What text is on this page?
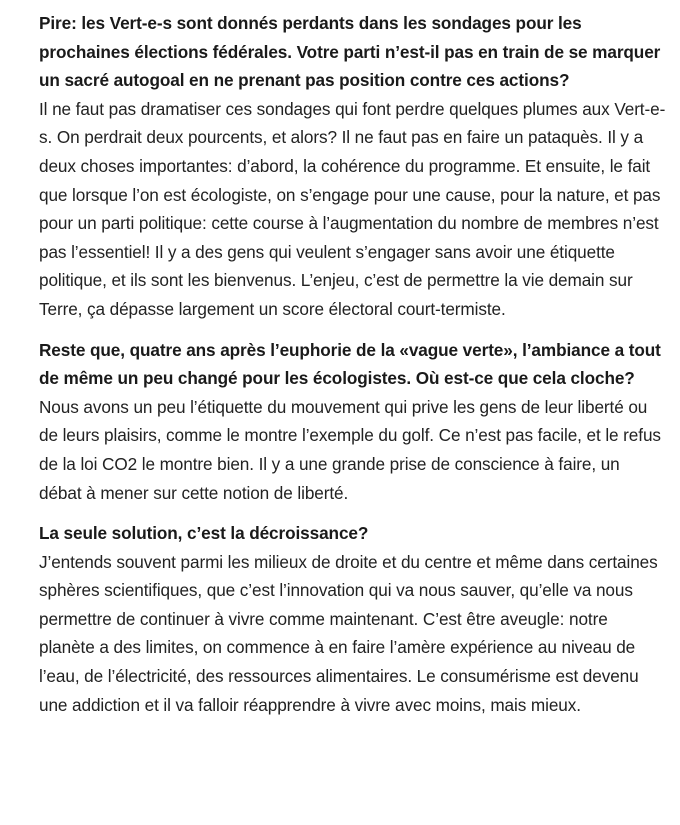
Pire: les Vert-e-s sont donnés perdants dans les sondages pour les prochaines élections fédérales. Votre parti n’est-il pas en train de se marquer un sacré autogoal en ne prenant pas position contre ces actions?

Il ne faut pas dramatiser ces sondages qui font perdre quelques plumes aux Vert-e-s. On perdrait deux pourcents, et alors? Il ne faut pas en faire un pataquès. Il y a deux choses importantes: d’abord, la cohérence du programme. Et ensuite, le fait que lorsque l’on est écologiste, on s’engage pour une cause, pour la nature, et pas pour un parti politique: cette course à l’augmentation du nombre de membres n’est pas l’essentiel! Il y a des gens qui veulent s’engager sans avoir une étiquette politique, et ils sont les bienvenus. L’enjeu, c’est de permettre la vie demain sur Terre, ça dépasse largement un score électoral court-termiste.

Reste que, quatre ans après l’euphorie de la «vague verte», l’ambiance a tout de même un peu changé pour les écologistes. Où est-ce que cela cloche?

Nous avons un peu l’étiquette du mouvement qui prive les gens de leur liberté ou de leurs plaisirs, comme le montre l’exemple du golf. Ce n’est pas facile, et le refus de la loi CO2 le montre bien. Il y a une grande prise de conscience à faire, un débat à mener sur cette notion de liberté.

La seule solution, c’est la décroissance?

J’entends souvent parmi les milieux de droite et du centre et même dans certaines sphères scientifiques, que c’est l’innovation qui va nous sauver, qu’elle va nous permettre de continuer à vivre comme maintenant. C’est être aveugle: notre planète a des limites, on commence à en faire l’amère expérience au niveau de l’eau, de l’électricité, des ressources alimentaires. Le consumérisme est devenu une addiction et il va falloir réapprendre à vivre avec moins, mais mieux.
